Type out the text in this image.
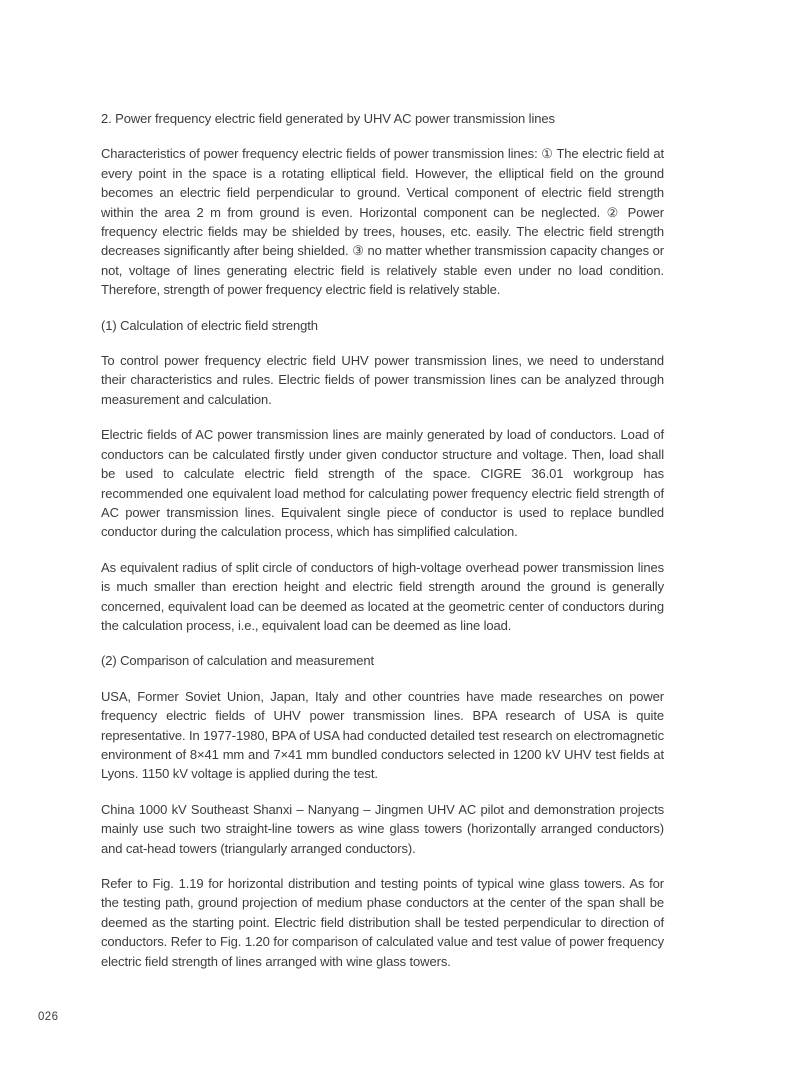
2. Power frequency electric field generated by UHV AC power transmission lines

Characteristics of power frequency electric fields of power transmission lines: ① The electric field at every point in the space is a rotating elliptical field. However, the elliptical field on the ground becomes an electric field perpendicular to ground. Vertical component of electric field strength within the area 2 m from ground is even. Horizontal component can be neglected. ② Power frequency electric fields may be shielded by trees, houses, etc. easily. The electric field strength decreases significantly after being shielded. ③ no matter whether transmission capacity changes or not, voltage of lines generating electric field is relatively stable even under no load condition. Therefore, strength of power frequency electric field is relatively stable.

(1) Calculation of electric field strength

To control power frequency electric field UHV power transmission lines, we need to understand their characteristics and rules. Electric fields of power transmission lines can be analyzed through measurement and calculation.

Electric fields of AC power transmission lines are mainly generated by load of conductors. Load of conductors can be calculated firstly under given conductor structure and voltage. Then, load shall be used to calculate electric field strength of the space. CIGRE 36.01 workgroup has recommended one equivalent load method for calculating power frequency electric field strength of AC power transmission lines. Equivalent single piece of conductor is used to replace bundled conductor during the calculation process, which has simplified calculation.

As equivalent radius of split circle of conductors of high-voltage overhead power transmission lines is much smaller than erection height and electric field strength around the ground is generally concerned, equivalent load can be deemed as located at the geometric center of conductors during the calculation process, i.e., equivalent load can be deemed as line load.

(2) Comparison of calculation and measurement

USA, Former Soviet Union, Japan, Italy and other countries have made researches on power frequency electric fields of UHV power transmission lines. BPA research of USA is quite representative. In 1977-1980, BPA of USA had conducted detailed test research on electromagnetic environment of 8×41 mm and 7×41 mm bundled conductors selected in 1200 kV UHV test fields at Lyons. 1150 kV voltage is applied during the test.

China 1000 kV Southeast Shanxi – Nanyang – Jingmen UHV AC pilot and demonstration projects mainly use such two straight-line towers as wine glass towers (horizontally arranged conductors) and cat-head towers (triangularly arranged conductors).

Refer to Fig. 1.19 for horizontal distribution and testing points of typical wine glass towers. As for the testing path, ground projection of medium phase conductors at the center of the span shall be deemed as the starting point. Electric field distribution shall be tested perpendicular to direction of conductors. Refer to Fig. 1.20 for comparison of calculated value and test value of power frequency electric field strength of lines arranged with wine glass towers.

026
